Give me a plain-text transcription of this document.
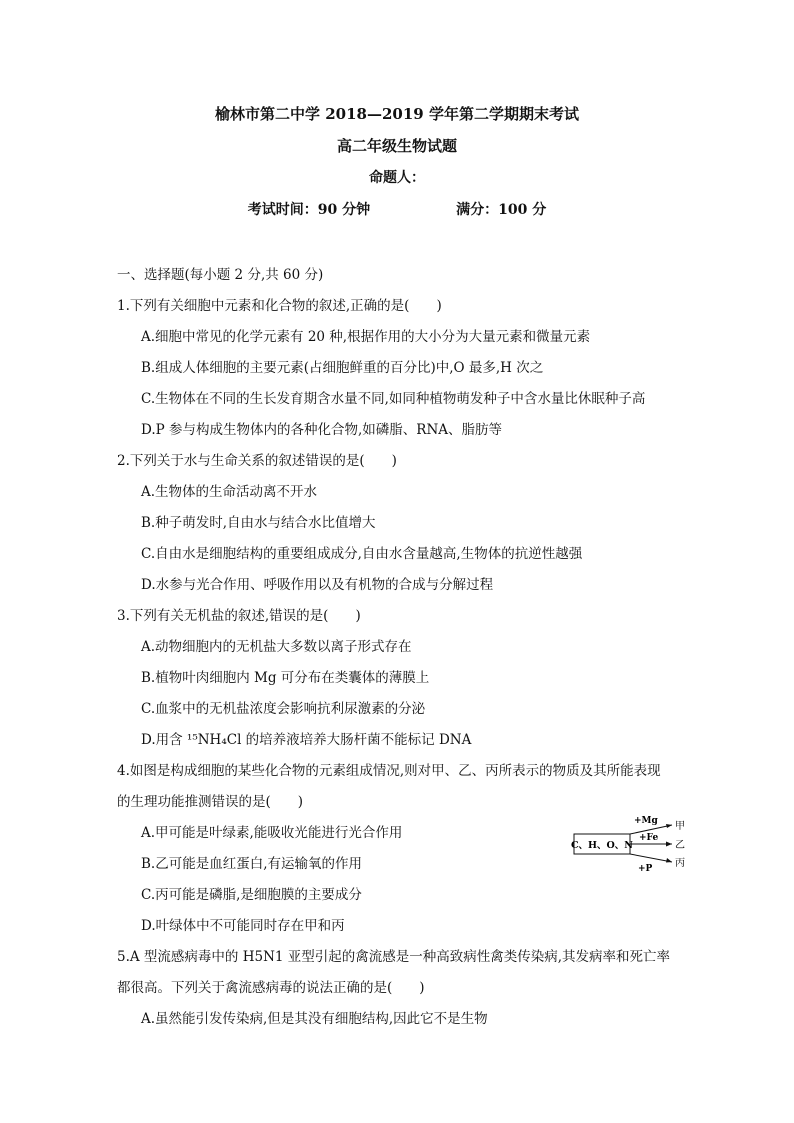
榆林市第二中学 2018—2019 学年第二学期期末考试
高二年级生物试题
命题人：
考试时间：90 分钟	满分：100 分
一、选择题(每小题 2 分,共 60 分)
1.下列有关细胞中元素和化合物的叙述,正确的是(　　)
A.细胞中常见的化学元素有 20 种,根据作用的大小分为大量元素和微量元素
B.组成人体细胞的主要元素(占细胞鲜重的百分比)中,O 最多,H 次之
C.生物体在不同的生长发育期含水量不同,如同种植物萌发种子中含水量比休眠种子高
D.P 参与构成生物体内的各种化合物,如磷脂、RNA、脂肪等
2.下列关于水与生命关系的叙述错误的是(　　)
A.生物体的生命活动离不开水
B.种子萌发时,自由水与结合水比值增大
C.自由水是细胞结构的重要组成成分,自由水含量越高,生物体的抗逆性越强
D.水参与光合作用、呼吸作用以及有机物的合成与分解过程
3.下列有关无机盐的叙述,错误的是(　　)
A.动物细胞内的无机盐大多数以离子形式存在
B.植物叶肉细胞内 Mg 可分布在类囊体的薄膜上
C.血浆中的无机盐浓度会影响抗利尿激素的分泌
D.用含 ¹⁵NH₄Cl 的培养液培养大肠杆菌不能标记 DNA
4.如图是构成细胞的某些化合物的元素组成情况,则对甲、乙、丙所表示的物质及其所能表现
的生理功能推测错误的是(　　)
A.甲可能是叶绿素,能吸收光能进行光合作用
B.乙可能是血红蛋白,有运输氧的作用
C.丙可能是磷脂,是细胞膜的主要成分
D.叶绿体中不可能同时存在甲和丙
C、H、O、N
+Mg 甲
+Fe
乙
+P 丙
5.A 型流感病毒中的 H5N1 亚型引起的禽流感是一种高致病性禽类传染病,其发病率和死亡率
都很高。下列关于禽流感病毒的说法正确的是(　　)
A.虽然能引发传染病,但是其没有细胞结构,因此它不是生物
